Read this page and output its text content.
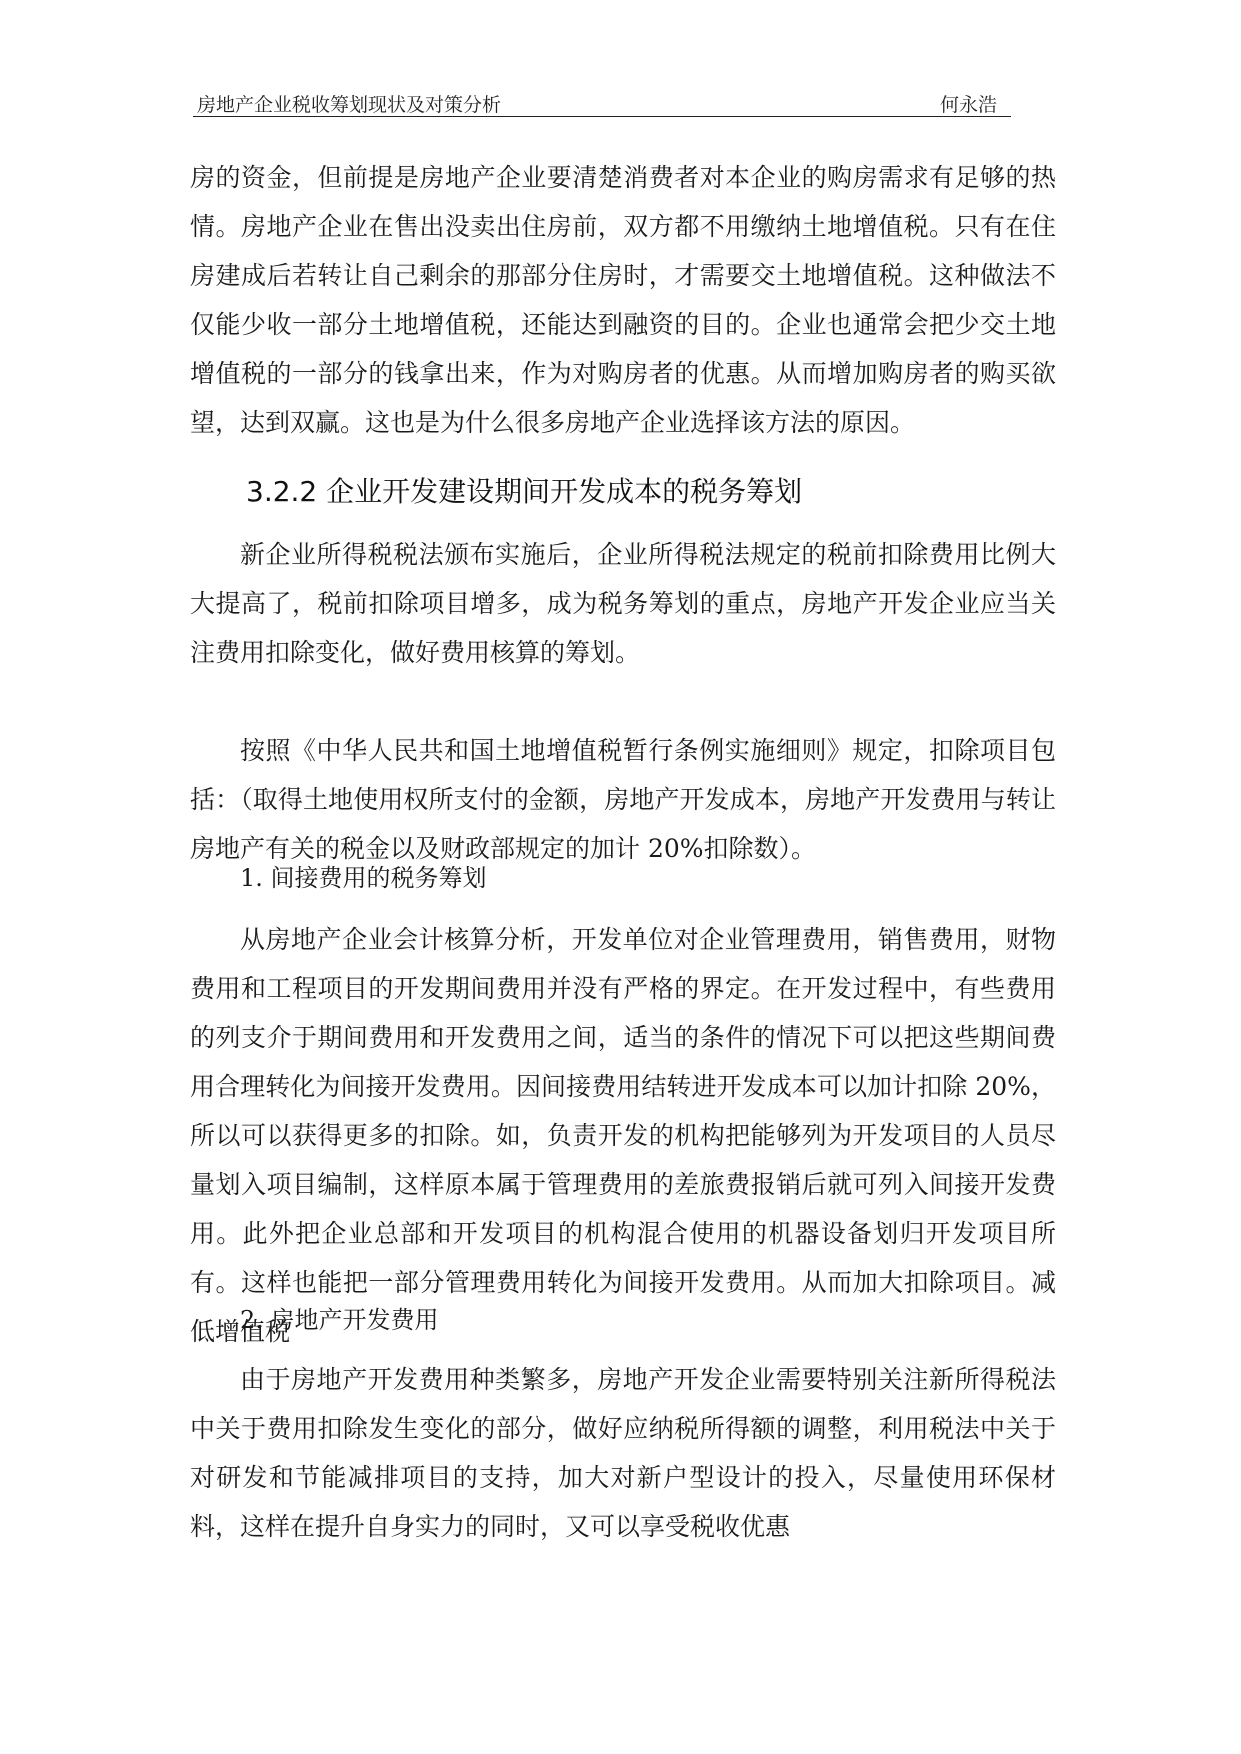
房地产企业税收筹划现状及对策分析	何永浩

房的资金，但前提是房地产企业要清楚消费者对本企业的购房需求有足够的热情。房地产企业在售出没卖出住房前，双方都不用缴纳土地增值税。只有在住房建成后若转让自己剩余的那部分住房时，才需要交土地增值税。这种做法不仅能少收一部分土地增值税，还能达到融资的目的。企业也通常会把少交土地增值税的一部分的钱拿出来，作为对购房者的优惠。从而增加购房者的购买欲望，达到双赢。这也是为什么很多房地产企业选择该方法的原因。

3.2.2 企业开发建设期间开发成本的税务筹划

新企业所得税税法颁布实施后，企业所得税法规定的税前扣除费用比例大大提高了，税前扣除项目增多，成为税务筹划的重点，房地产开发企业应当关注费用扣除变化，做好费用核算的筹划。

按照《中华人民共和国土地增值税暂行条例实施细则》规定，扣除项目包括：（取得土地使用权所支付的金额，房地产开发成本，房地产开发费用与转让房地产有关的税金以及财政部规定的加计 20%扣除数）。

1. 间接费用的税务筹划

从房地产企业会计核算分析，开发单位对企业管理费用，销售费用，财物费用和工程项目的开发期间费用并没有严格的界定。在开发过程中，有些费用的列支介于期间费用和开发费用之间，适当的条件的情况下可以把这些期间费用合理转化为间接开发费用。因间接费用结转进开发成本可以加计扣除 20%，所以可以获得更多的扣除。如，负责开发的机构把能够列为开发项目的人员尽量划入项目编制，这样原本属于管理费用的差旅费报销后就可列入间接开发费用。此外把企业总部和开发项目的机构混合使用的机器设备划归开发项目所有。这样也能把一部分管理费用转化为间接开发费用。从而加大扣除项目。减低增值税

2. 房地产开发费用

由于房地产开发费用种类繁多，房地产开发企业需要特别关注新所得税法中关于费用扣除发生变化的部分，做好应纳税所得额的调整，利用税法中关于对研发和节能减排项目的支持，加大对新户型设计的投入，尽量使用环保材料，这样在提升自身实力的同时，又可以享受税收优惠
